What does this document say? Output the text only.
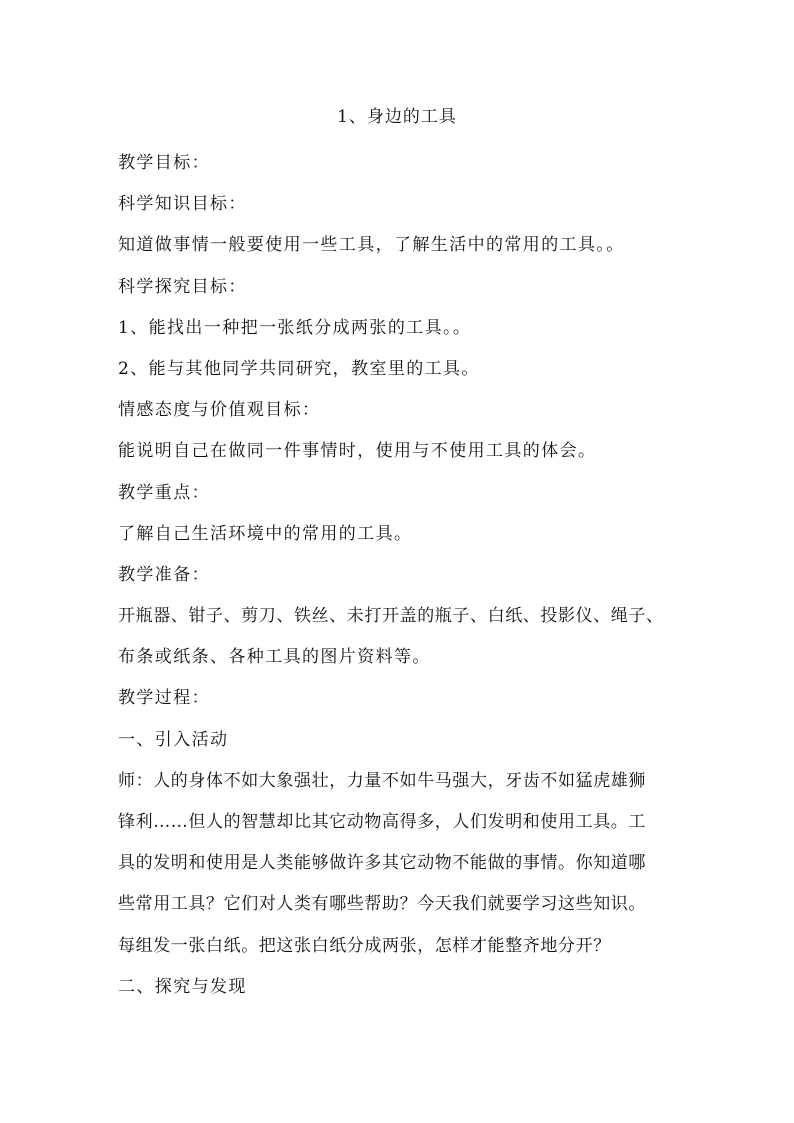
1、身边的工具
教学目标：
科学知识目标：
知道做事情一般要使用一些工具，了解生活中的常用的工具。。
科学探究目标：
1、能找出一种把一张纸分成两张的工具。。
2、能与其他同学共同研究，教室里的工具。
情感态度与价值观目标：
能说明自己在做同一件事情时，使用与不使用工具的体会。
教学重点：
了解自己生活环境中的常用的工具。
教学准备：
开瓶器、钳子、剪刀、铁丝、未打开盖的瓶子、白纸、投影仪、绳子、
布条或纸条、各种工具的图片资料等。
教学过程：
一、引入活动
师：人的身体不如大象强壮，力量不如牛马强大，牙齿不如猛虎雄狮
锋利……但人的智慧却比其它动物高得多，人们发明和使用工具。工
具的发明和使用是人类能够做许多其它动物不能做的事情。你知道哪
些常用工具？它们对人类有哪些帮助？今天我们就要学习这些知识。
每组发一张白纸。把这张白纸分成两张，怎样才能整齐地分开？
二、探究与发现
